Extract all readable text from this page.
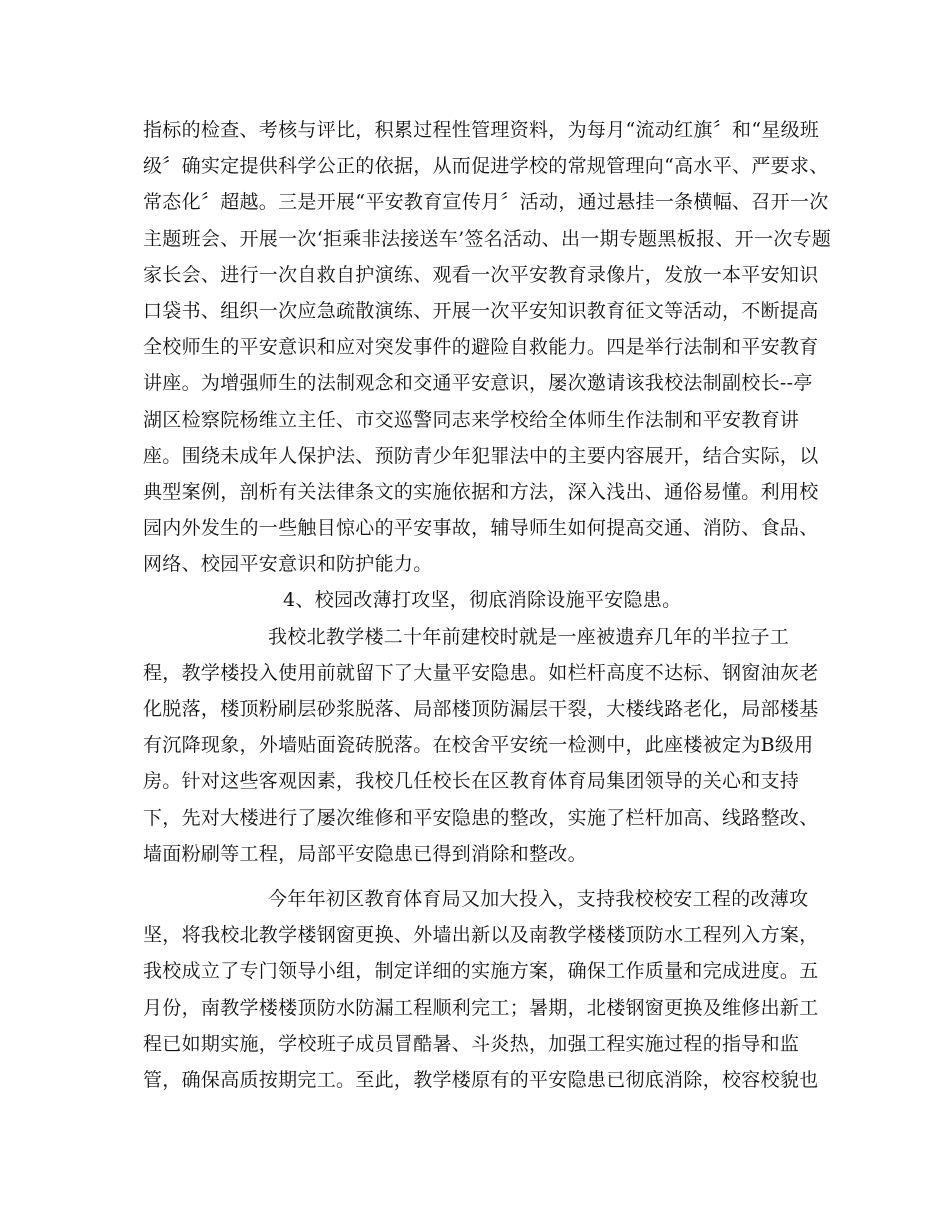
指标的检查、考核与评比，积累过程性管理资料，为每月“流动红旗〞和“星级班
级〞确实定提供科学公正的依据，从而促进学校的常规管理向“高水平、严要求、
常态化〞超越。三是开展“平安教育宣传月〞活动，通过悬挂一条横幅、召开一次
主题班会、开展一次‘拒乘非法接送车’签名活动、出一期专题黑板报、开一次专题
家长会、进行一次自救自护演练、观看一次平安教育录像片，发放一本平安知识
口袋书、组织一次应急疏散演练、开展一次平安知识教育征文等活动，不断提高
全校师生的平安意识和应对突发事件的避险自救能力。四是举行法制和平安教育
讲座。为增强师生的法制观念和交通平安意识，屡次邀请该我校法制副校长--亭
湖区检察院杨维立主任、市交巡警同志来学校给全体师生作法制和平安教育讲
座。围绕未成年人保护法、预防青少年犯罪法中的主要内容展开，结合实际，以
典型案例，剖析有关法律条文的实施依据和方法，深入浅出、通俗易懂。利用校
园内外发生的一些触目惊心的平安事故，辅导师生如何提高交通、消防、食品、
网络、校园平安意识和防护能力。
4、校园改薄打攻坚，彻底消除设施平安隐患。
我校北教学楼二十年前建校时就是一座被遗弃几年的半拉子工
程，教学楼投入使用前就留下了大量平安隐患。如栏杆高度不达标、钢窗油灰老
化脱落，楼顶粉刷层砂浆脱落、局部楼顶防漏层干裂，大楼线路老化，局部楼基
有沉降现象，外墙贴面瓷砖脱落。在校舍平安统一检测中，此座楼被定为B级用
房。针对这些客观因素，我校几任校长在区教育体育局集团领导的关心和支持
下，先对大楼进行了屡次维修和平安隐患的整改，实施了栏杆加高、线路整改、
墙面粉刷等工程，局部平安隐患已得到消除和整改。
今年年初区教育体育局又加大投入，支持我校校安工程的改薄攻
坚，将我校北教学楼钢窗更换、外墙出新以及南教学楼楼顶防水工程列入方案，
我校成立了专门领导小组，制定详细的实施方案，确保工作质量和完成进度。五
月份，南教学楼楼顶防水防漏工程顺利完工；暑期，北楼钢窗更换及维修出新工
程已如期实施，学校班子成员冒酷暑、斗炎热，加强工程实施过程的指导和监
管，确保高质按期完工。至此，教学楼原有的平安隐患已彻底消除，校容校貌也
